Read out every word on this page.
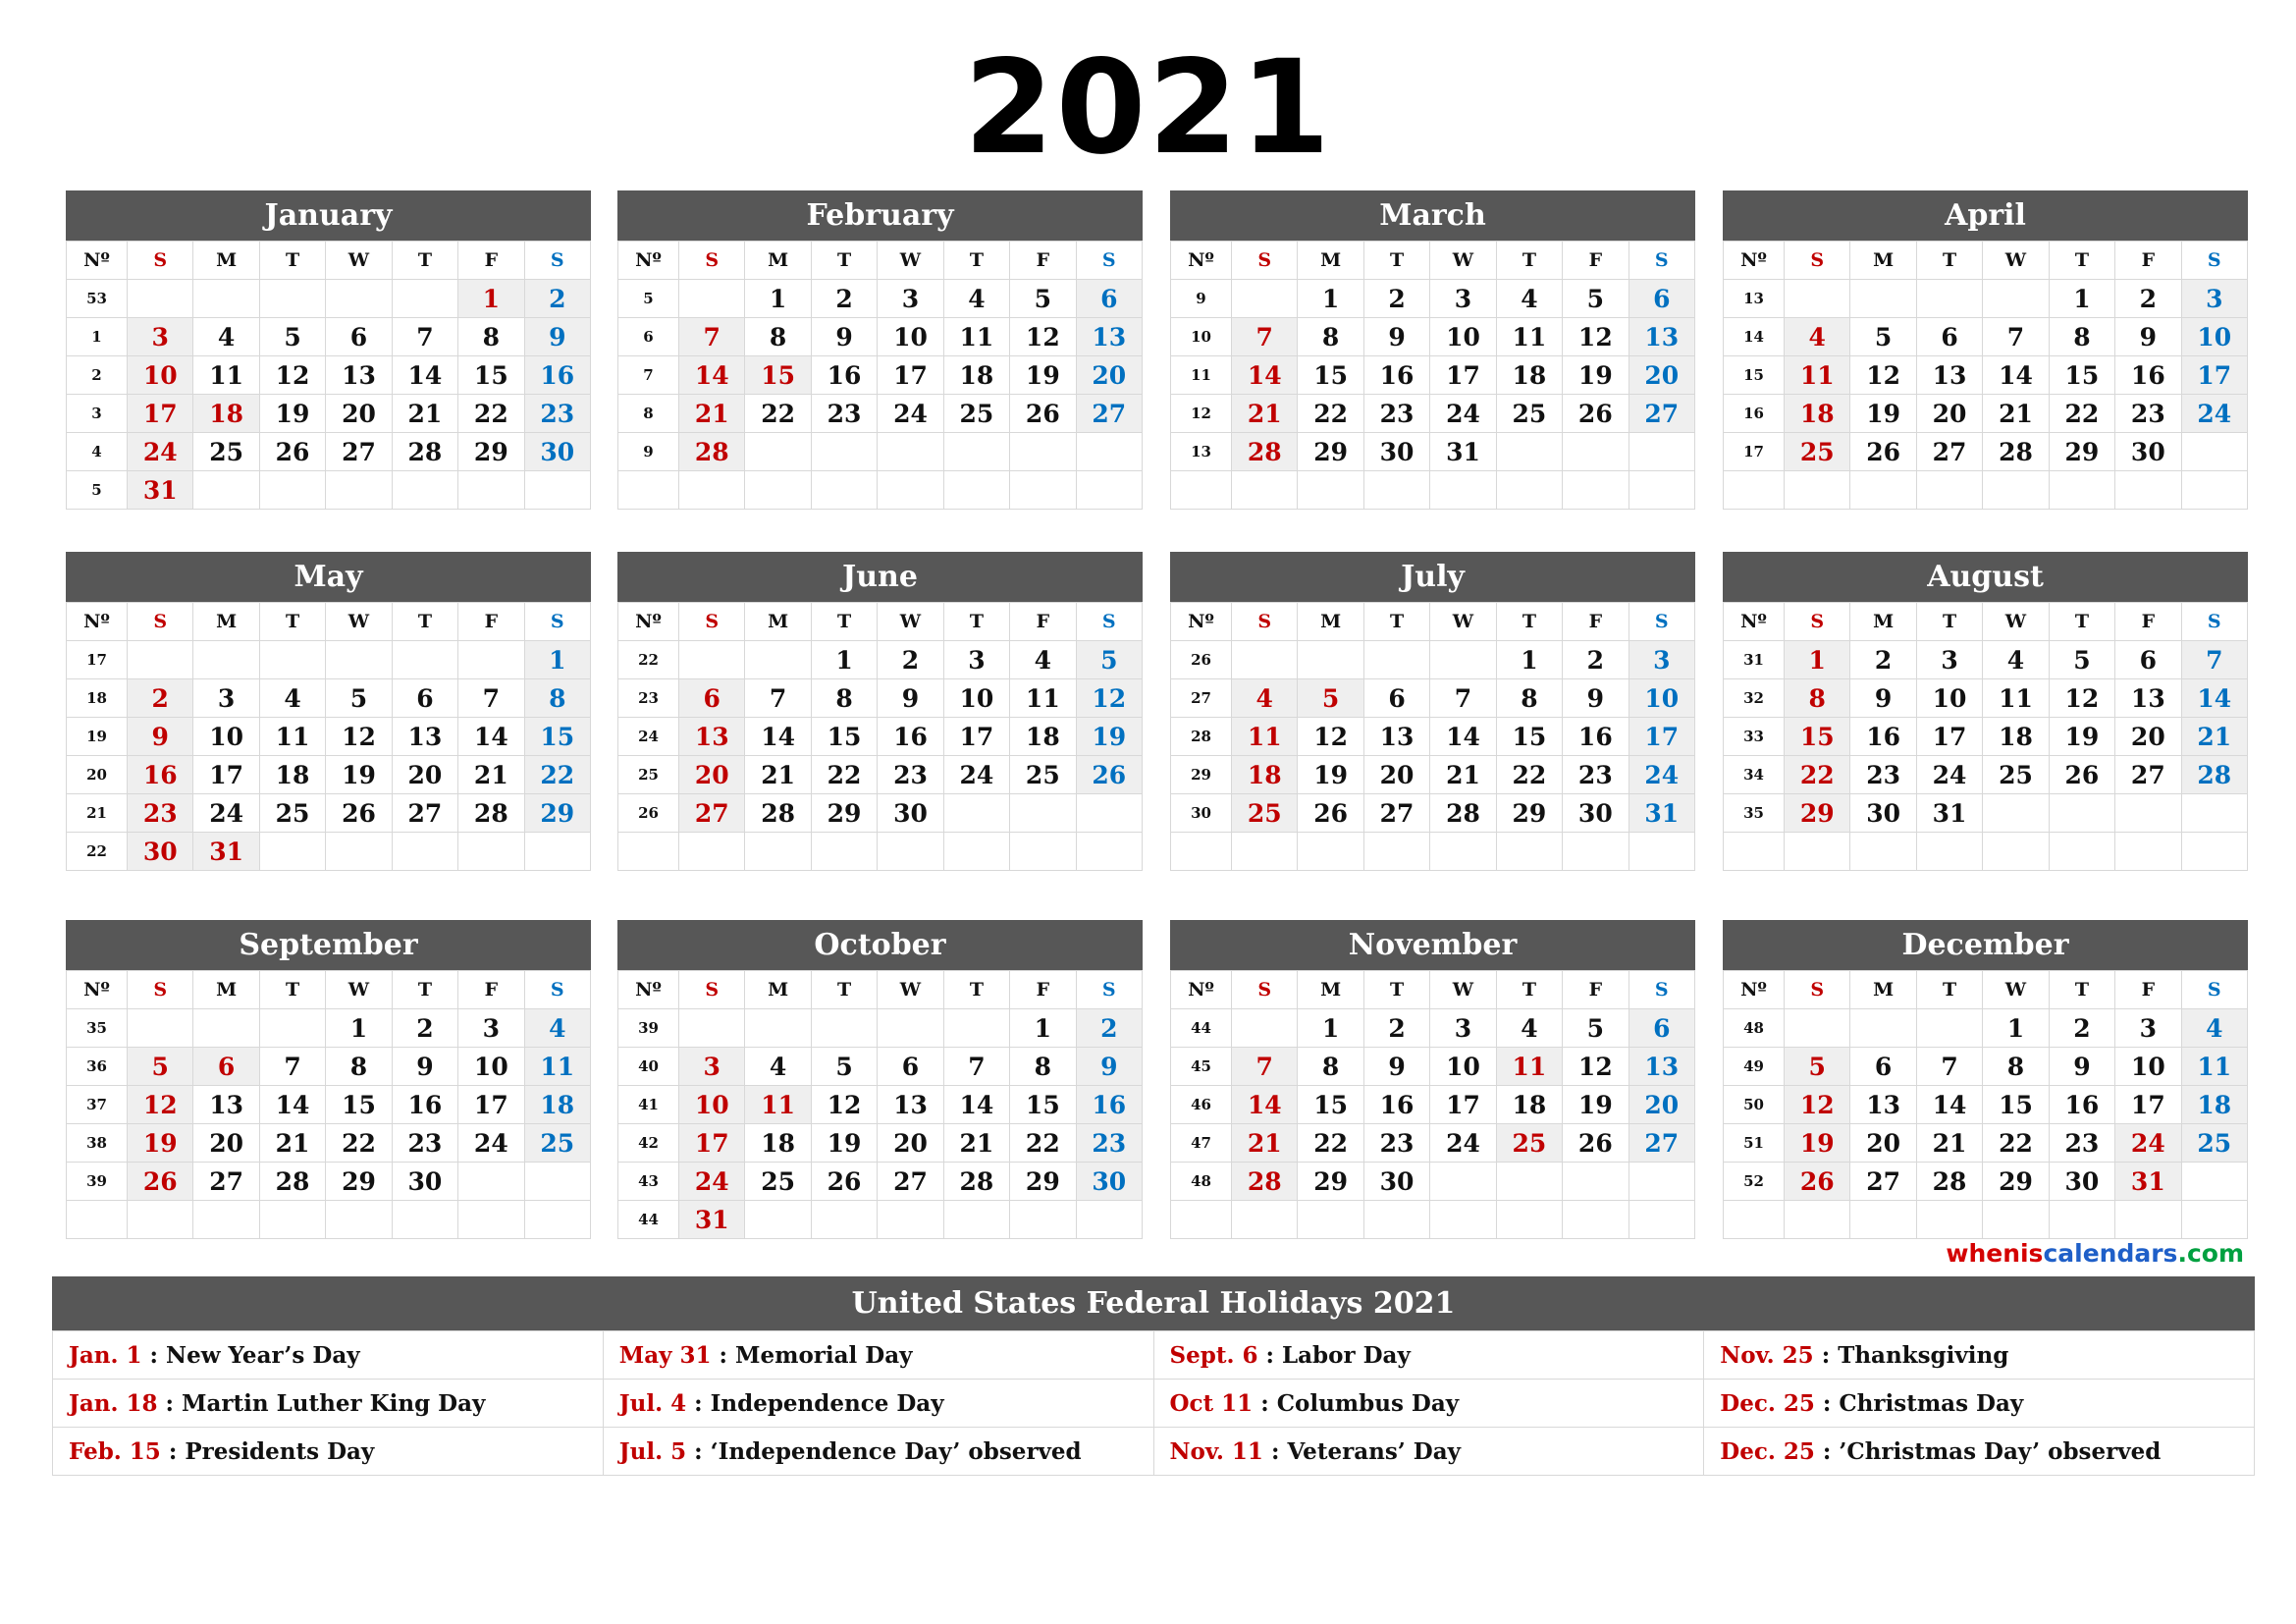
2021
January
Nº	S	M	T	W	T	F	S
53						1	2
1	3	4	5	6	7	8	9
2	10	11	12	13	14	15	16
3	17	18	19	20	21	22	23
4	24	25	26	27	28	29	30
5	31						
February
Nº	S	M	T	W	T	F	S
5		1	2	3	4	5	6
6	7	8	9	10	11	12	13
7	14	15	16	17	18	19	20
8	21	22	23	24	25	26	27
9	28						

March
Nº	S	M	T	W	T	F	S
9		1	2	3	4	5	6
10	7	8	9	10	11	12	13
11	14	15	16	17	18	19	20
12	21	22	23	24	25	26	27
13	28	29	30	31			

April
Nº	S	M	T	W	T	F	S
13					1	2	3
14	4	5	6	7	8	9	10
15	11	12	13	14	15	16	17
16	18	19	20	21	22	23	24
17	25	26	27	28	29	30	

May
Nº	S	M	T	W	T	F	S
17							1
18	2	3	4	5	6	7	8
19	9	10	11	12	13	14	15
20	16	17	18	19	20	21	22
21	23	24	25	26	27	28	29
22	30	31					
June
Nº	S	M	T	W	T	F	S
22			1	2	3	4	5
23	6	7	8	9	10	11	12
24	13	14	15	16	17	18	19
25	20	21	22	23	24	25	26
26	27	28	29	30			

July
Nº	S	M	T	W	T	F	S
26					1	2	3
27	4	5	6	7	8	9	10
28	11	12	13	14	15	16	17
29	18	19	20	21	22	23	24
30	25	26	27	28	29	30	31

August
Nº	S	M	T	W	T	F	S
31	1	2	3	4	5	6	7
32	8	9	10	11	12	13	14
33	15	16	17	18	19	20	21
34	22	23	24	25	26	27	28
35	29	30	31				

September
Nº	S	M	T	W	T	F	S
35				1	2	3	4
36	5	6	7	8	9	10	11
37	12	13	14	15	16	17	18
38	19	20	21	22	23	24	25
39	26	27	28	29	30		

October
Nº	S	M	T	W	T	F	S
39						1	2
40	3	4	5	6	7	8	9
41	10	11	12	13	14	15	16
42	17	18	19	20	21	22	23
43	24	25	26	27	28	29	30
44	31						
November
Nº	S	M	T	W	T	F	S
44		1	2	3	4	5	6
45	7	8	9	10	11	12	13
46	14	15	16	17	18	19	20
47	21	22	23	24	25	26	27
48	28	29	30				

December
Nº	S	M	T	W	T	F	S
48				1	2	3	4
49	5	6	7	8	9	10	11
50	12	13	14	15	16	17	18
51	19	20	21	22	23	24	25
52	26	27	28	29	30	31	

wheniscalendars.com
United States Federal Holidays 2021
Jan. 1 : New Year’s Day	May 31 : Memorial Day	Sept. 6 : Labor Day	Nov. 25 : Thanksgiving
Jan. 18 : Martin Luther King Day	Jul. 4 : Independence Day	Oct 11 : Columbus Day	Dec. 25 : Christmas Day
Feb. 15 : Presidents Day	Jul. 5 : ‘Independence Day’ observed	Nov. 11 : Veterans’ Day	Dec. 25 : ’Christmas Day’ observed
